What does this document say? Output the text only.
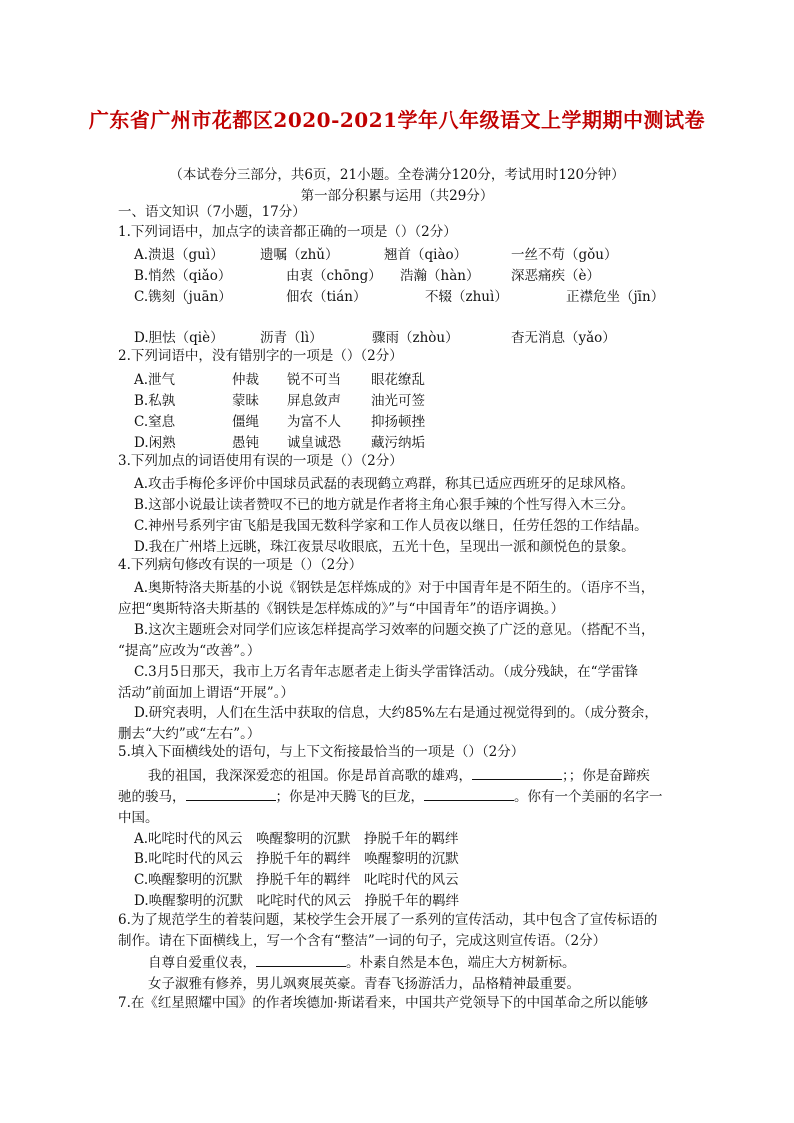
广东省广州市花都区2020-2021学年八年级语文上学期期中测试卷
（本试卷分三部分，共6页，21小题。全卷满分120分，考试用时120分钟）
第一部分积累与运用（共29分）
一、语文知识（7小题，17分）
1.下列词语中，加点字的读音都正确的一项是（）（2分）
A.溃退（guì）	遗嘱（zhǔ）	翘首（qiào）	一丝不苟（gǒu）
B.悄然（qiǎo）	由衷（chōng） 浩瀚（hàn） 深恶痛疾（è）
C.镌刻（juān）	佃农（tián）	不辍（zhuì）	正襟危坐（jīn）
D.胆怯（qiè）	沥青（lì）	骤雨（zhòu）	杳无消息（yǎo）
2.下列词语中，没有错别字的一项是（）（2分）
A.泄气	仲裁 锐不可当 眼花缭乱
B.私孰	蒙昧 屏息敛声 油光可签
C.窒息	僵绳 为富不人 抑扬顿挫
D.闲熟	愚钝 诚皇诚恐 藏污纳垢
3.下列加点的词语使用有误的一项是（）（2分）
A.攻击手梅伦多评价中国球员武磊的表现鹤立鸡群，称其已适应西班牙的足球风格。
B.这部小说最让读者赞叹不已的地方就是作者将主角心狠手辣的个性写得入木三分。
C.神州号系列宇宙飞船是我国无数科学家和工作人员夜以继日，任劳任怨的工作结晶。
D.我在广州塔上远眺，珠江夜景尽收眼底，五光十色，呈现出一派和颜悦色的景象。
4.下列病句修改有误的一项是（）（2分）
A.奥斯特洛夫斯基的小说《钢铁是怎样炼成的》对于中国青年是不陌生的。（语序不当，
应把“奥斯特洛夫斯基的《钢铁是怎样炼成的》”与“中国青年”的语序调换。）
B.这次主题班会对同学们应该怎样提高学习效率的问题交换了广泛的意见。（搭配不当，
“提高”应改为“改善”。）
C.3月5日那天，我市上万名青年志愿者走上街头学雷锋活动。（成分残缺，在“学雷锋
活动”前面加上谓语“开展”。）
D.研究表明，人们在生活中获取的信息，大约85%左右是通过视觉得到的。（成分赘余，
删去“大约”或“左右”。）
5.填入下面横线处的语句，与上下文衔接最恰当的一项是（）（2分）
我的祖国，我深深爱恋的祖国。你是昂首高歌的雄鸡，	；；你是奋蹄疾
驰的骏马，	；你是冲天腾飞的巨龙，	。你有一个美丽的名字一
中国。
A.叱咤时代的风云　唤醒黎明的沉默　挣脱千年的羁绊
B.叱咤时代的风云　挣脱千年的羁绊　唤醒黎明的沉默
C.唤醒黎明的沉默　挣脱千年的羁绊　叱咤时代的风云
D.唤醒黎明的沉默　叱咤时代的风云　挣脱千年的羁绊
6.为了规范学生的着装问题，某校学生会开展了一系列的宣传活动，其中包含了宣传标语的
制作。请在下面横线上，写一个含有“整洁”一词的句子，完成这则宣传语。（2分）
自尊自爱重仪表，	。朴素自然是本色，端庄大方树新标。
女子淑雅有修养，男儿飒爽展英豪。青春飞扬游活力，品格精神最重要。
7.在《红星照耀中国》的作者埃德加·斯诺看来，中国共产党领导下的中国革命之所以能够
